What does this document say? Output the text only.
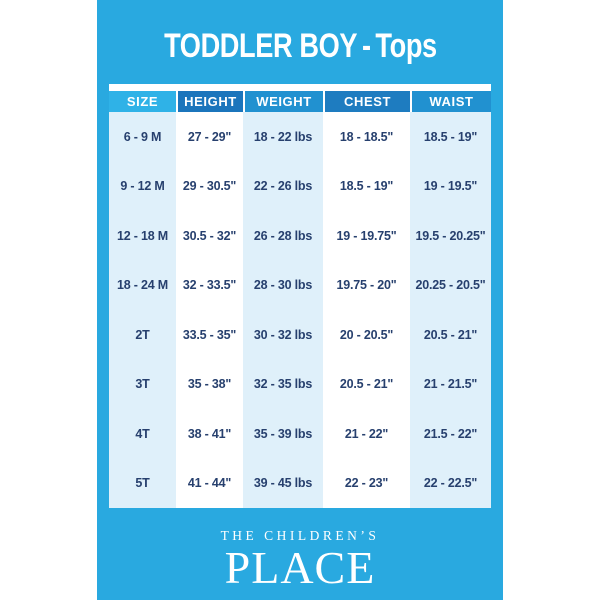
TODDLER BOY - Tops
SIZE	HEIGHT	WEIGHT	CHEST	WAIST
6 - 9 M	27 - 29"	18 - 22 lbs	18 - 18.5"	18.5 - 19"
9 - 12 M	29 - 30.5"	22 - 26 lbs	18.5 - 19"	19 - 19.5"
12 - 18 M	30.5 - 32"	26 - 28 lbs	19 - 19.75"	19.5 - 20.25"
18 - 24 M	32 - 33.5"	28 - 30 lbs	19.75 - 20"	20.25 - 20.5"
2T	33.5 - 35"	30 - 32 lbs	20 - 20.5"	20.5 - 21"
3T	35 - 38"	32 - 35 lbs	20.5 - 21"	21 - 21.5"
4T	38 - 41"	35 - 39 lbs	21 - 22"	21.5 - 22"
5T	41 - 44"	39 - 45 lbs	22 - 23"	22 - 22.5"
THE CHILDREN’S
PLACE
